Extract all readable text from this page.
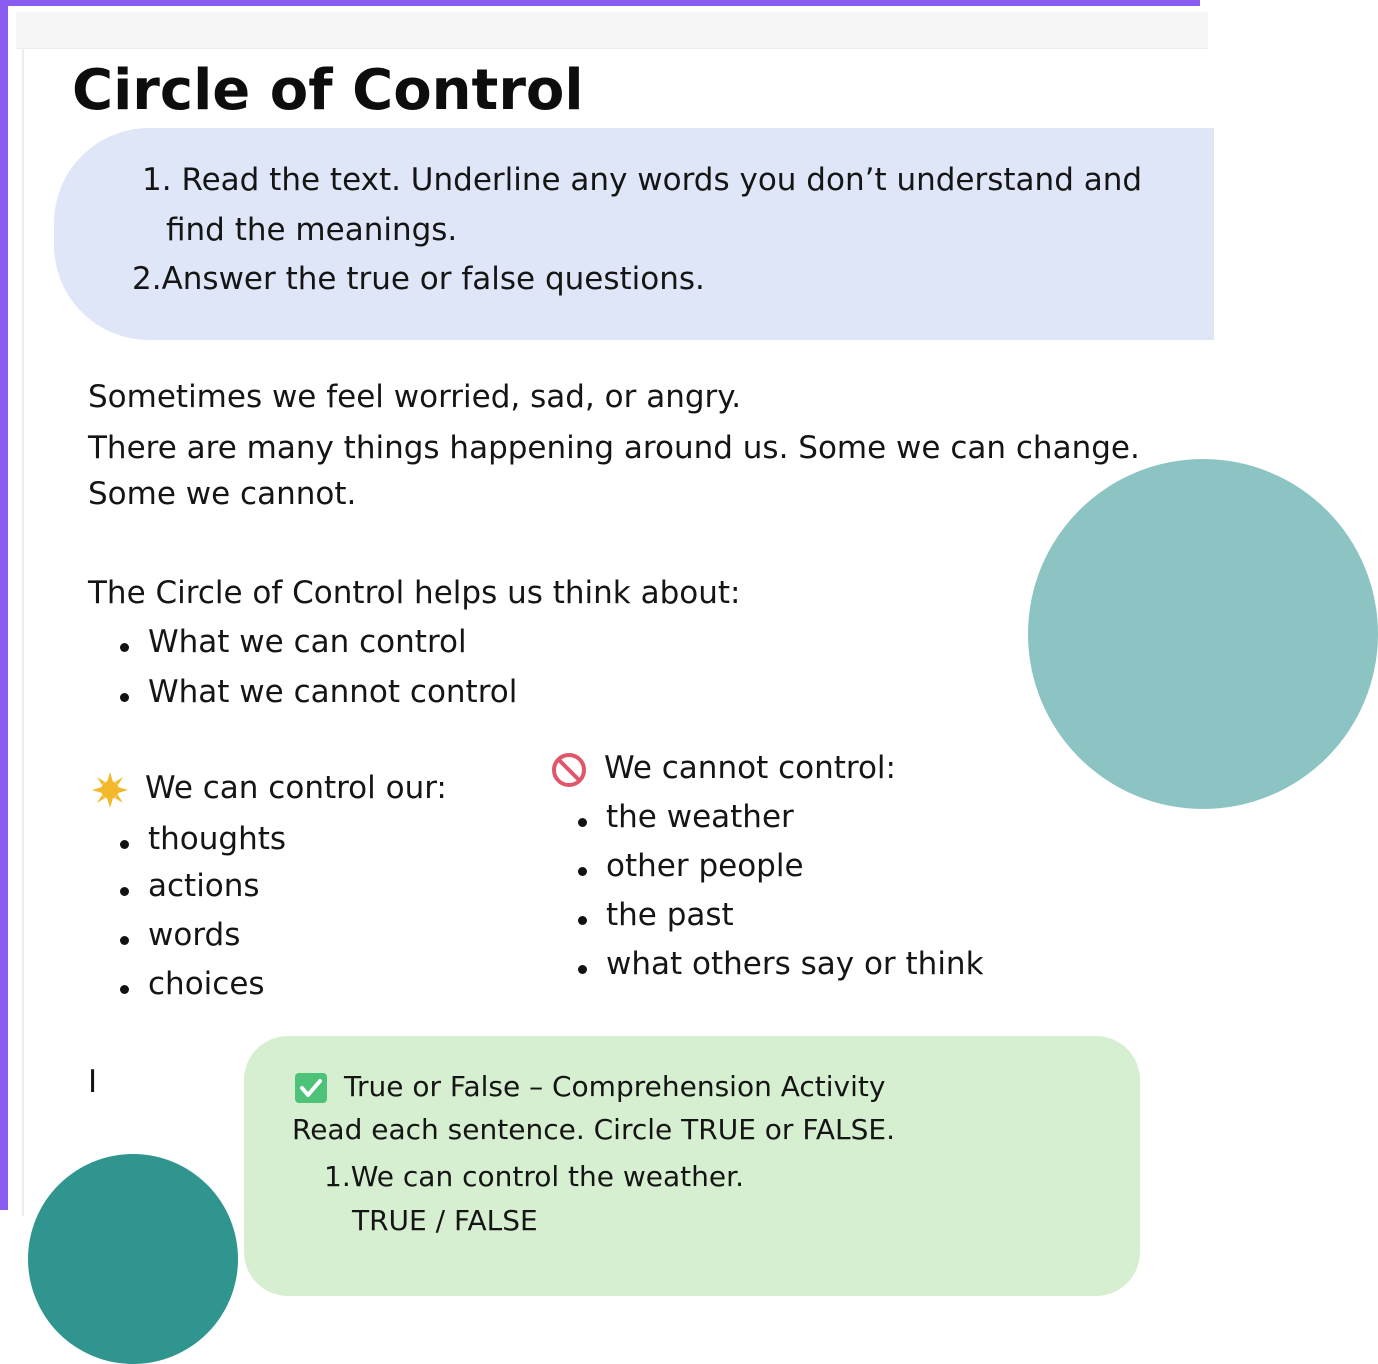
Circle of Control
1. Read the text. Underline any words you don’t understand and
find the meanings.
2.Answer the true or false questions.

Sometimes we feel worried, sad, or angry.

There are many things happening around us. Some we can change.

Some we cannot.

The Circle of Control helps us think about:

What we can control
What we cannot control
We can control our:
thoughts
actions
words
choices
We cannot control:
the weather
other people
the past
what others say or think
I	True or False – Comprehension Activity
Read each sentence. Circle TRUE or FALSE.
1.We can control the weather.
TRUE / FALSE
